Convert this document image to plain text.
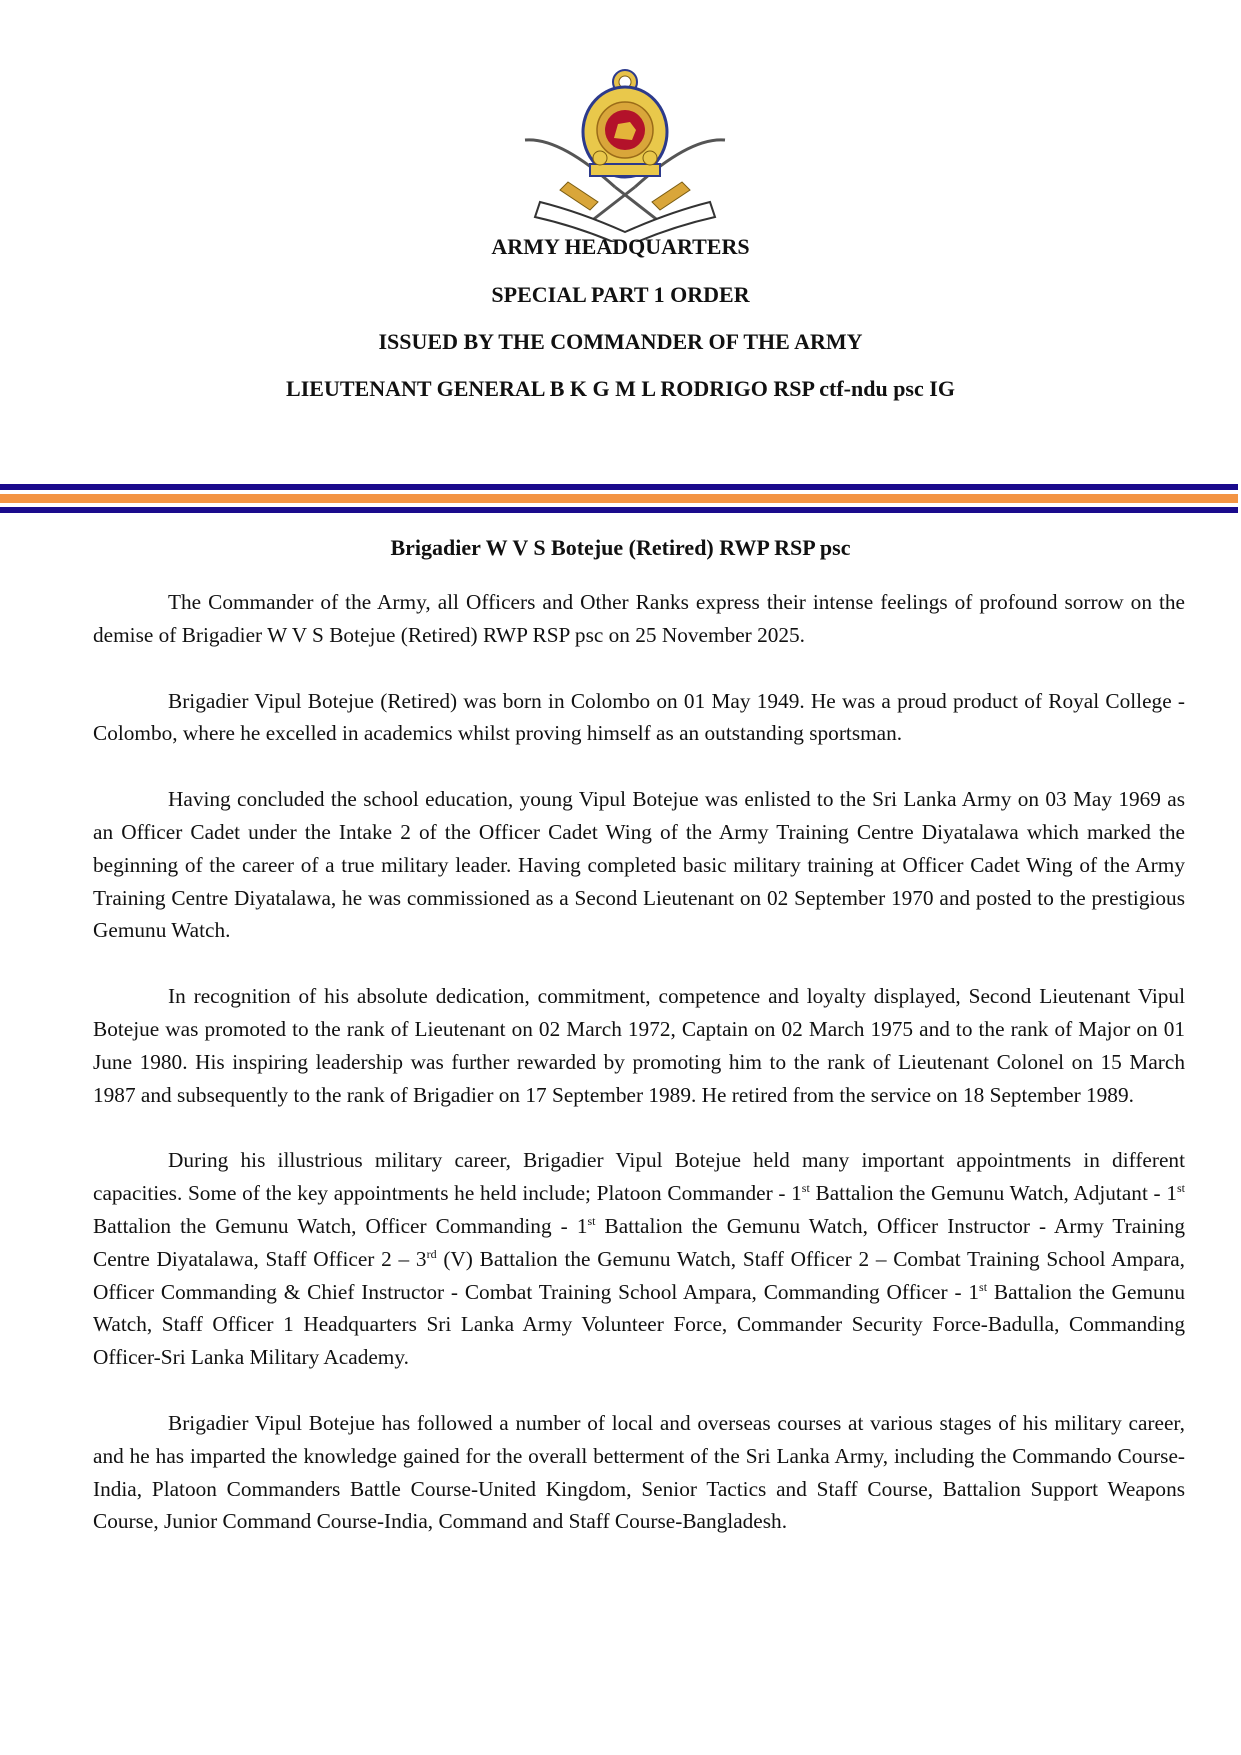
ARMY HEADQUARTERS
SPECIAL PART 1 ORDER
ISSUED BY THE COMMANDER OF THE ARMY
LIEUTENANT GENERAL B K G M L RODRIGO RSP ctf-ndu psc IG
Brigadier W V S Botejue (Retired) RWP RSP psc

The Commander of the Army, all Officers and Other Ranks express their intense feelings of profound sorrow on the demise of Brigadier W V S Botejue (Retired) RWP RSP psc on 25 November 2025.

Brigadier Vipul Botejue (Retired) was born in Colombo on 01 May 1949. He was a proud product of Royal College - Colombo, where he excelled in academics whilst proving himself as an outstanding sportsman.

Having concluded the school education, young Vipul Botejue was enlisted to the Sri Lanka Army on 03 May 1969 as an Officer Cadet under the Intake 2 of the Officer Cadet Wing of the Army Training Centre Diyatalawa which marked the beginning of the career of a true military leader. Having completed basic military training at Officer Cadet Wing of the Army Training Centre Diyatalawa, he was commissioned as a Second Lieutenant on 02 September 1970 and posted to the prestigious Gemunu Watch.

In recognition of his absolute dedication, commitment, competence and loyalty displayed, Second Lieutenant Vipul Botejue was promoted to the rank of Lieutenant on 02 March 1972, Captain on 02 March 1975 and to the rank of Major on 01 June 1980. His inspiring leadership was further rewarded by promoting him to the rank of Lieutenant Colonel on 15 March 1987 and subsequently to the rank of Brigadier on 17 September 1989. He retired from the service on 18 September 1989.

During his illustrious military career, Brigadier Vipul Botejue held many important appointments in different capacities. Some of the key appointments he held include; Platoon Commander - 1st Battalion the Gemunu Watch, Adjutant - 1st Battalion the Gemunu Watch, Officer Commanding - 1st Battalion the Gemunu Watch, Officer Instructor - Army Training Centre Diyatalawa, Staff Officer 2 – 3rd (V) Battalion the Gemunu Watch, Staff Officer 2 – Combat Training School Ampara, Officer Commanding & Chief Instructor - Combat Training School Ampara, Commanding Officer - 1st Battalion the Gemunu Watch, Staff Officer 1 Headquarters Sri Lanka Army Volunteer Force, Commander Security Force-Badulla, Commanding Officer-Sri Lanka Military Academy.

Brigadier Vipul Botejue has followed a number of local and overseas courses at various stages of his military career, and he has imparted the knowledge gained for the overall betterment of the Sri Lanka Army, including the Commando Course-India, Platoon Commanders Battle Course-United Kingdom, Senior Tactics and Staff Course, Battalion Support Weapons Course, Junior Command Course-India, Command and Staff Course-Bangladesh.
